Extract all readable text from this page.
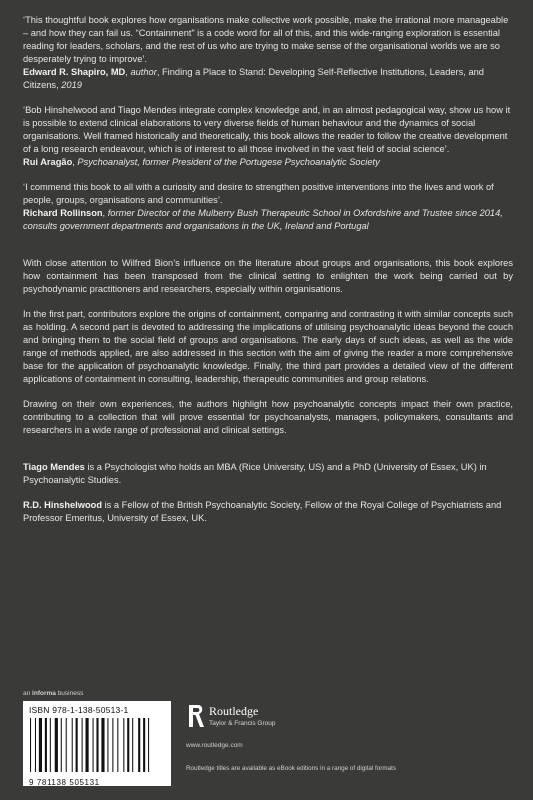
‘This thoughtful book explores how organisations make collective work possible, make the irrational more manageable – and how they can fail us. “Containment” is a code word for all of this, and this wide-ranging exploration is essential reading for leaders, scholars, and the rest of us who are trying to make sense of the organisational worlds we are so desperately trying to improve’.

Edward R. Shapiro, MD, author, Finding a Place to Stand: Developing Self-Reflective Institutions, Leaders, and Citizens, 2019

‘Bob Hinshelwood and Tiago Mendes integrate complex knowledge and, in an almost pedagogical way, show us how it is possible to extend clinical elaborations to very diverse fields of human behaviour and the dynamics of social organisations. Well framed historically and theoretically, this book allows the reader to follow the creative development of a long research endeavour, which is of interest to all those involved in the vast field of social science’.

Rui Aragão, Psychoanalyst, former President of the Portugese Psychoanalytic Society

‘I commend this book to all with a curiosity and desire to strengthen positive interventions into the lives and work of people, groups, organisations and communities’.

Richard Rollinson, former Director of the Mulberry Bush Therapeutic School in Oxfordshire and Trustee since 2014, consults government departments and organisations in the UK, Ireland and Portugal

With close attention to Wilfred Bion’s influence on the literature about groups and organisations, this book explores how containment has been transposed from the clinical setting to enlighten the work being carried out by psychodynamic practitioners and researchers, especially within organisations.

In the first part, contributors explore the origins of containment, comparing and contrasting it with similar concepts such as holding. A second part is devoted to addressing the implications of utilising psychoanalytic ideas beyond the couch and bringing them to the social field of groups and organisations. The early days of such ideas, as well as the wide range of methods applied, are also addressed in this section with the aim of giving the reader a more comprehensive base for the application of psychoanalytic knowledge. Finally, the third part provides a detailed view of the different applications of containment in consulting, leadership, therapeutic communities and group relations.

Drawing on their own experiences, the authors highlight how psychoanalytic concepts impact their own practice, contributing to a collection that will prove essential for psychoanalysts, managers, policymakers, consultants and researchers in a wide range of professional and clinical settings.

Tiago Mendes is a Psychologist who holds an MBA (Rice University, US) and a PhD (University of Essex, UK) in Psychoanalytic Studies.

R.D. Hinshelwood is a Fellow of the British Psychoanalytic Society, Fellow of the Royal College of Psychiatrists and Professor Emeritus, University of Essex, UK.

an informa business
ISBN 978-1-138-50513-1
9 781138 505131
Routledge
Taylor & Francis Group
www.routledge.com
Routledge titles are available as eBook editions in a range of digital formats
